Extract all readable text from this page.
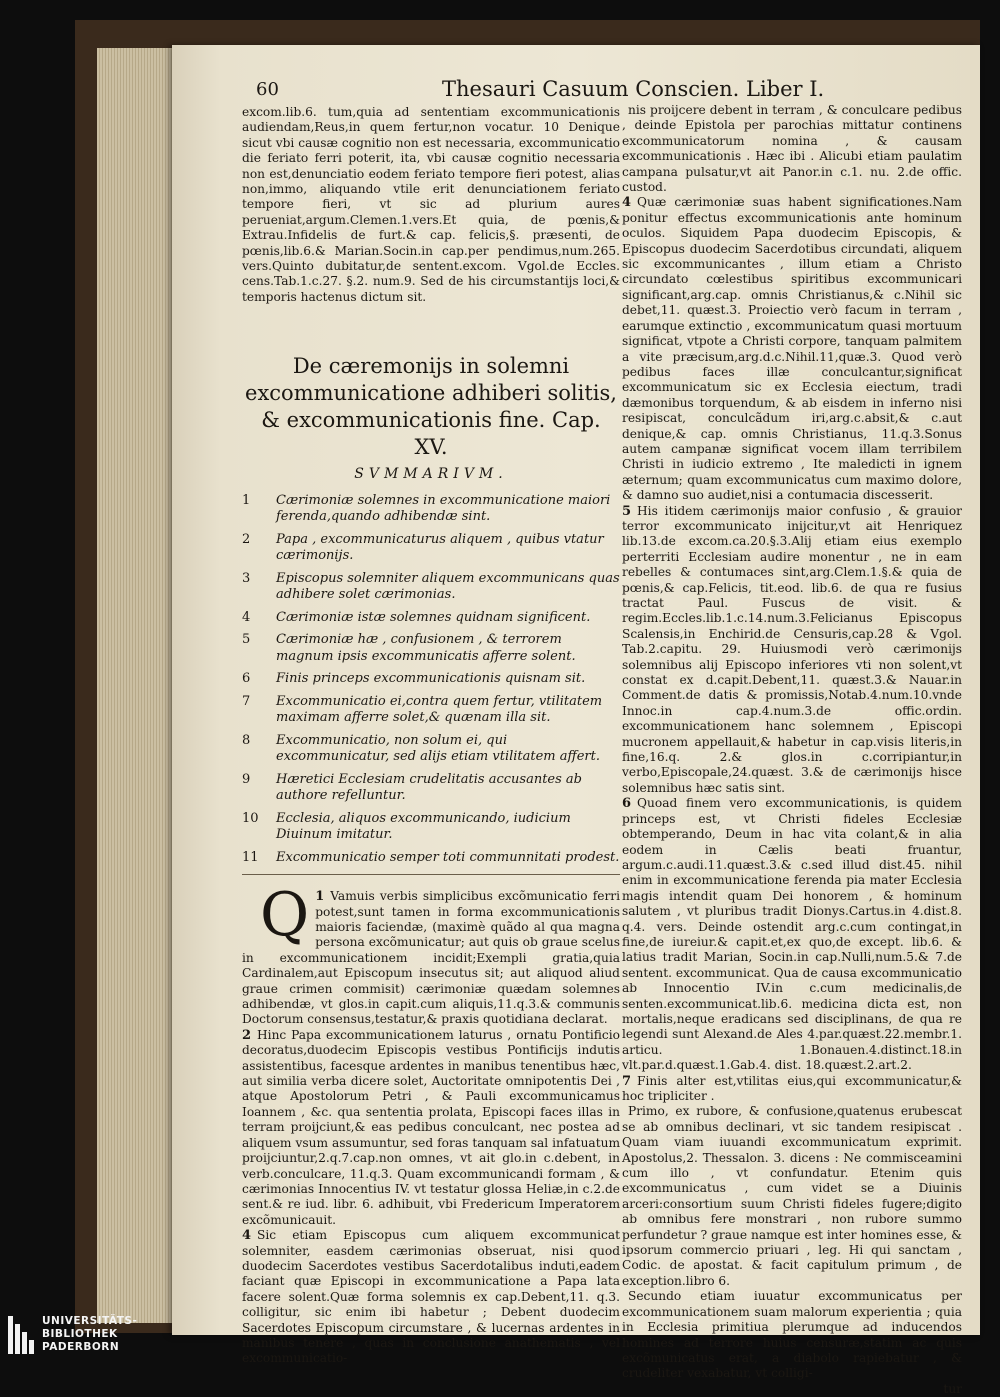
60	Thesauri Casuum Conscien. Liber I.

excom.lib.6. tum,quia ad sententiam excommunicationis audiendam,Reus,in quem fertur,non vocatur. 10 Denique sicut vbi causæ cognitio non est necessaria, excommunicatio die feriato ferri poterit, ita, vbi causæ cognitio necessaria non est,denunciatio eodem feriato tempore fieri potest, alias non,immo, aliquando vtile erit denunciationem feriato tempore fieri, vt sic ad plurium aures perueniat,argum.Clemen.1.vers.Et quia, de pœnis,& Extrau.Infidelis de furt.& cap. felicis,§. præsenti, de pœnis,lib.6.& Marian.Socin.in cap.per pendimus,num.265. vers.Quinto dubitatur,de sentent.excom. Vgol.de Eccles. cens.Tab.1.c.27. §.2. num.9. Sed de his circumstantijs loci,& temporis hactenus dictum sit.

De cæremonijs in solemni excommunicatione adhiberi solitis, & excommunicationis fine. Cap. XV.
SVMMARIVM.
1 Cærimoniæ solemnes in excommunicatione maiori ferenda,quando adhibendæ sint.
2 Papa , excommunicaturus aliquem , quibus vtatur cærimonijs.
3 Episcopus solemniter aliquem excommunicans quas adhibere solet cærimonias.
4 Cærimoniæ istæ solemnes quidnam significent.
5 Cærimoniæ hæ , confusionem , & terrorem magnum ipsis excommunicatis afferre solent.
6 Finis princeps excommunicationis quisnam sit.
7 Excommunicatio ei,contra quem fertur, vtilitatem maximam afferre solet,& quænam illa sit.
8 Excommunicatio, non solum ei, qui excommunicatur, sed alijs etiam vtilitatem affert.
9 Hæretici Ecclesiam crudelitatis accusantes ab authore refelluntur.
10 Ecclesia, aliquos excommunicando, iudicium Diuinum imitatur.
11 Excommunicatio semper toti communnitati prodest.

1
Q Vamuis verbis simplicibus excõmunicatio ferri potest,sunt tamen in forma excommunicationis maioris faciendæ, (maximè quãdo al qua magna persona excõmunicatur; aut quis ob graue scelus in excommunicationem incidit;Exempli gratia,quia Cardinalem,aut Episcopum insecutus sit; aut aliquod aliud graue crimen commisit) cærimoniæ quædam solemnes adhibendæ, vt glos.in capit.cum aliquis,11.q.3.& communis Doctorum consensus,testatur,& praxis quotidiana declarat.

2 Hinc Papa excommunicationem laturus , ornatu Pontificio decoratus,duodecim Episcopis vestibus Pontificijs indutis assistentibus, facesque ardentes in manibus tenentibus hæc, aut similia verba dicere solet, Auctoritate omnipotentis Dei , atque Apostolorum Petri , & Pauli excommunicamus Ioannem , &c. qua sententia prolata, Episcopi faces illas in terram proijciunt,& eas pedibus conculcant, nec postea ad aliquem vsum assumuntur, sed foras tanquam sal infatuatum proijciuntur,2.q.7.cap.non omnes, vt ait glo.in c.debent, in verb.conculcare, 11.q.3. Quam excommunicandi formam , & cærimonias Innocentius IV. vt testatur glossa Heliæ,in c.2.de sent.& re iud. libr. 6. adhibuit, vbi Fredericum Imperatorem excõmunicauit.

4 Sic etiam Episcopus cum aliquem excommunicat solemniter, easdem cærimonias obseruat, nisi quod duodecim Sacerdotes vestibus Sacerdotalibus induti,eadem faciant quæ Episcopi in excommunicatione a Papa lata facere solent.Quæ forma solemnis ex cap.Debent,11. q.3. colligitur, sic enim ibi habetur ; Debent duodecim Sacerdotes Episcopum circumstare , & lucernas ardentes in manibus tenere , quas in conclusione anathematis , vel excommunicatio-

nis proijcere debent in terram , & conculcare pedibus , deinde Epistola per parochias mittatur continens excommunicatorum nomina , & causam excommunicationis . Hæc ibi . Alicubi etiam paulatim campana pulsatur,vt ait Panor.in c.1. nu. 2.de offic. custod.

4 Quæ cærimoniæ suas habent significationes.Nam ponitur effectus excommunicationis ante hominum oculos. Siquidem Papa duodecim Episcopis, & Episcopus duodecim Sacerdotibus circundati, aliquem sic excommunicantes , illum etiam a Christo circundato cœlestibus spiritibus excommunicari significant,arg.cap. omnis Christianus,& c.Nihil sic debet,11. quæst.3. Proiectio verò facum in terram , earumque extinctio , excommunicatum quasi mortuum significat, vtpote a Christi corpore, tanquam palmitem a vite præcisum,arg.d.c.Nihil.11,quæ.3. Quod verò pedibus faces illæ conculcantur,significat excommunicatum sic ex Ecclesia eiectum, tradi dæmonibus torquendum, & ab eisdem in inferno nisi resipiscat, conculcãdum iri,arg.c.absit,& c.aut denique,& cap. omnis Christianus, 11.q.3.Sonus autem campanæ significat vocem illam terribilem Christi in iudicio extremo , Ite maledicti in ignem æternum; quam excommunicatus cum maximo dolore, & damno suo audiet,nisi a contumacia discesserit.

5 His itidem cærimonijs maior confusio , & grauior terror excommunicato inijcitur,vt ait Henriquez lib.13.de excom.ca.20.§.3.Alij etiam eius exemplo perterriti Ecclesiam audire monentur , ne in eam rebelles & contumaces sint,arg.Clem.1.§.& quia de pœnis,& cap.Felicis, tit.eod. lib.6. de qua re fusius tractat Paul. Fuscus de visit. & regim.Eccles.lib.1.c.14.num.3.Felicianus Episcopus Scalensis,in Enchirid.de Censuris,cap.28 & Vgol. Tab.2.capitu. 29. Huiusmodi verò cærimonijs solemnibus alij Episcopo inferiores vti non solent,vt constat ex d.capit.Debent,11. quæst.3.& Nauar.in Comment.de datis & promissis,Notab.4.num.10.vnde Innoc.in cap.4.num.3.de offic.ordin. excommunicationem hanc solemnem , Episcopi mucronem appellauit,& habetur in cap.visis literis,in fine,16.q. 2.& glos.in c.corripiantur,in verbo,Episcopale,24.quæst. 3.& de cærimonijs hisce solemnibus hæc satis sint.

6 Quoad finem vero excommunicationis, is quidem princeps est, vt Christi fideles Ecclesiæ obtemperando, Deum in hac vita colant,& in alia eodem in Cælis beati fruantur, argum.c.audi.11.quæst.3.& c.sed illud dist.45. nihil enim in excommunicatione ferenda pia mater Ecclesia magis intendit quam Dei honorem , & hominum salutem , vt pluribus tradit Dionys.Cartus.in 4.dist.8. q.4. vers. Deinde ostendit arg.c.cum contingat,in fine,de iureiur.& capit.et,ex quo,de except. lib.6. & latius tradit Marian, Socin.in cap.Nulli,num.5.& 7.de sentent. excommunicat. Qua de causa excommunicatio ab Innocentio IV.in c.cum medicinalis,de senten.excommunicat.lib.6. medicina dicta est, non mortalis,neque eradicans sed disciplinans, de qua re legendi sunt Alexand.de Ales 4.par.quæst.22.membr.1. articu. 1.Bonauen.4.distinct.18.in vlt.par.d.quæst.1.Gab.4. dist. 18.quæst.2.art.2.

7 Finis alter est,vtilitas eius,qui excommunicatur,& hoc tripliciter .

Primo, ex rubore, & confusione,quatenus erubescat se ab omnibus declinari, vt sic tandem resipiscat . Quam viam iuuandi excommunicatum exprimit. Apostolus,2. Thessalon. 3. dicens : Ne commisceamini cum illo , vt confundatur. Etenim quis excommunicatus , cum videt se a Diuinis arceri:consortium suum Christi fideles fugere;digito ab omnibus fere monstrari , non rubore summo perfundetur ? graue namque est inter homines esse, & ipsorum commercio priuari , leg. Hi qui sanctam , Codic. de apostat. & facit capitulum primum , de exception.libro 6.

Secundo etiam iuuatur excommunicatus per excommunicationem suam malorum experientia ; quia in Ecclesia primitiua plerumque ad inducendos homines ad terrore huius censuræ,statim ac quis excõmunicatus erat, a diabolo rapiebatur , & crudeliter vexabatur, vt colligi-

tur

UNIVERSITÄTS-
BIBLIOTHEK
PADERBORN
